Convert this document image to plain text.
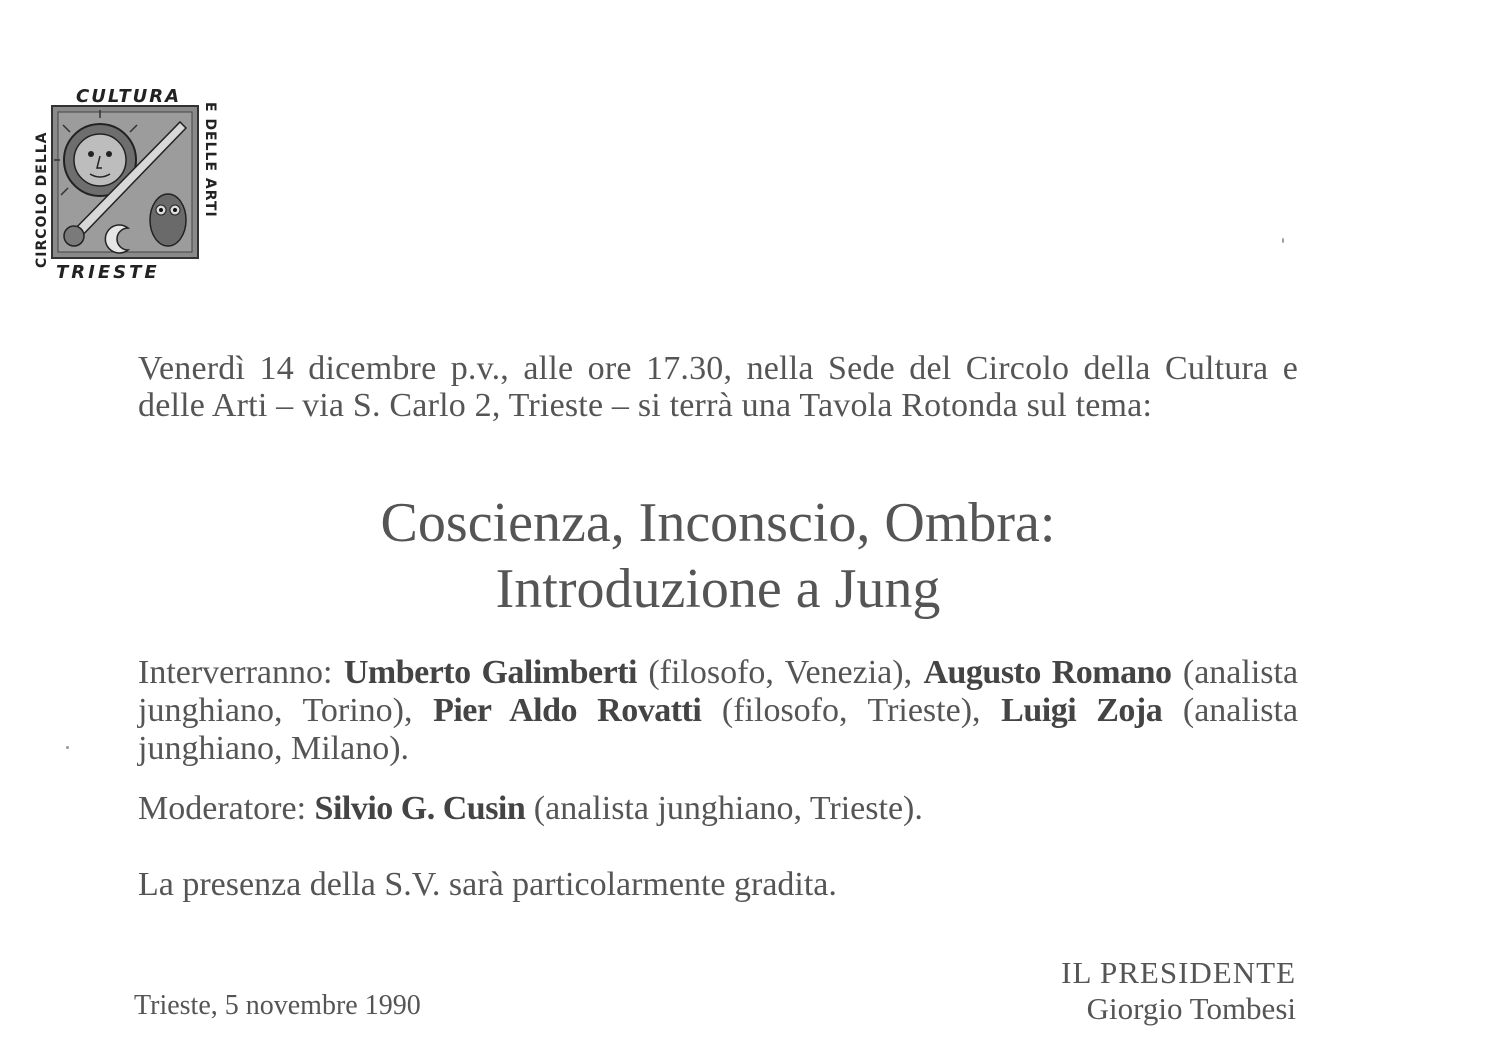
CULTURA
CIRCOLO DELLA	E DELLE ARTI
TRIESTE
Venerdì 14 dicembre p.v., alle ore 17.30, nella Sede del Circolo della Cultura e delle Arti – via S. Carlo 2, Trieste – si terrà una Tavola Rotonda sul tema:
Coscienza, Inconscio, Ombra:
Introduzione a Jung
Interverranno: Umberto Galimberti (filosofo, Venezia), Augusto Romano (analista junghiano, Torino), Pier Aldo Rovatti (filosofo, Trieste), Luigi Zoja (analista junghiano, Milano).
Moderatore: Silvio G. Cusin (analista junghiano, Trieste).
La presenza della S.V. sarà particolarmente gradita.
Trieste, 5 novembre 1990
IL PRESIDENTE
Giorgio Tombesi
